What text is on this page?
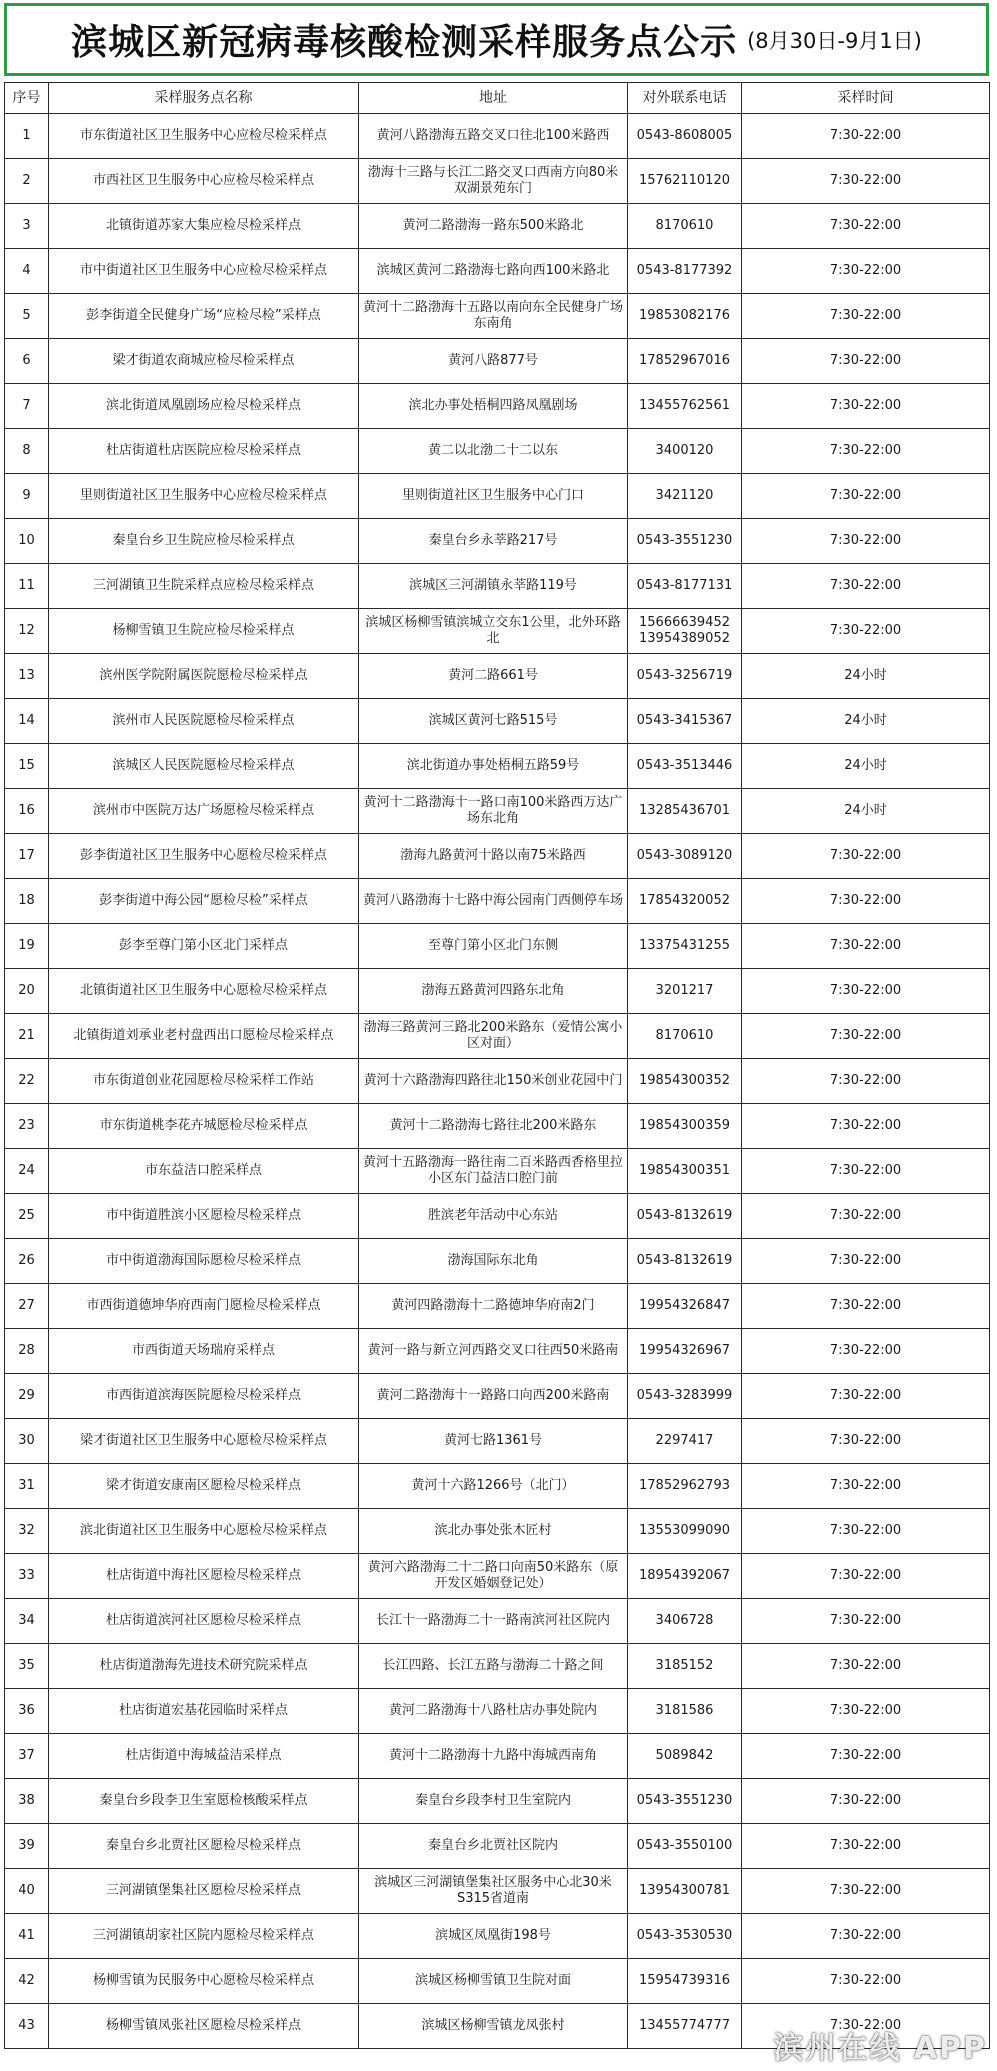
滨城区新冠病毒核酸检测采样服务点公示 (8月30日-9月1日)
序号	采样服务点名称	地址	对外联系电话	采样时间
1	市东街道社区卫生服务中心应检尽检采样点	黄河八路渤海五路交叉口往北100米路西	0543-8608005	7:30-22:00
2	市西社区卫生服务中心应检尽检采样点	渤海十三路与长江二路交叉口西南方向80米双湖景苑东门	15762110120	7:30-22:00
3	北镇街道苏家大集应检尽检采样点	黄河二路渤海一路东500米路北	8170610	7:30-22:00
4	市中街道社区卫生服务中心应检尽检采样点	滨城区黄河二路渤海七路向西100米路北	0543-8177392	7:30-22:00
5	彭李街道全民健身广场“应检尽检”采样点	黄河十二路渤海十五路以南向东全民健身广场东南角	19853082176	7:30-22:00
6	梁才街道农商城应检尽检采样点	黄河八路877号	17852967016	7:30-22:00
7	滨北街道凤凰剧场应检尽检采样点	滨北办事处梧桐四路凤凰剧场	13455762561	7:30-22:00
8	杜店街道杜店医院应检尽检采样点	黄二以北渤二十二以东	3400120	7:30-22:00
9	里则街道社区卫生服务中心应检尽检采样点	里则街道社区卫生服务中心门口	3421120	7:30-22:00
10	秦皇台乡卫生院应检尽检采样点	秦皇台乡永莘路217号	0543-3551230	7:30-22:00
11	三河湖镇卫生院采样点应检尽检采样点	滨城区三河湖镇永莘路119号	0543-8177131	7:30-22:00
12	杨柳雪镇卫生院应检尽检采样点	滨城区杨柳雪镇滨城立交东1公里，北外环路北	15666639452 13954389052	7:30-22:00
13	滨州医学院附属医院愿检尽检采样点	黄河二路661号	0543-3256719	24小时
14	滨州市人民医院愿检尽检采样点	滨城区黄河七路515号	0543-3415367	24小时
15	滨城区人民医院愿检尽检采样点	滨北街道办事处梧桐五路59号	0543-3513446	24小时
16	滨州市中医院万达广场愿检尽检采样点	黄河十二路渤海十一路口南100米路西万达广场东北角	13285436701	24小时
17	彭李街道社区卫生服务中心愿检尽检采样点	渤海九路黄河十路以南75米路西	0543-3089120	7:30-22:00
18	彭李街道中海公园“愿检尽检”采样点	黄河八路渤海十七路中海公园南门西侧停车场	17854320052	7:30-22:00
19	彭李至尊门第小区北门采样点	至尊门第小区北门东侧	13375431255	7:30-22:00
20	北镇街道社区卫生服务中心愿检尽检采样点	渤海五路黄河四路东北角	3201217	7:30-22:00
21	北镇街道刘承业老村盘西出口愿检尽检采样点	渤海三路黄河三路北200米路东（爱情公寓小区对面）	8170610	7:30-22:00
22	市东街道创业花园愿检尽检采样工作站	黄河十六路渤海四路往北150米创业花园中门	19854300352	7:30-22:00
23	市东街道桃李花卉城愿检尽检采样点	黄河十二路渤海七路往北200米路东	19854300359	7:30-22:00
24	市东益洁口腔采样点	黄河十五路渤海一路往南二百米路西香格里拉小区东门益洁口腔门前	19854300351	7:30-22:00
25	市中街道胜滨小区愿检尽检采样点	胜滨老年活动中心东站	0543-8132619	7:30-22:00
26	市中街道渤海国际愿检尽检采样点	渤海国际东北角	0543-8132619	7:30-22:00
27	市西街道德坤华府西南门愿检尽检采样点	黄河四路渤海十二路德坤华府南2门	19954326847	7:30-22:00
28	市西街道天场瑞府采样点	黄河一路与新立河西路交叉口往西50米路南	19954326967	7:30-22:00
29	市西街道滨海医院愿检尽检采样点	黄河二路渤海十一路路口向西200米路南	0543-3283999	7:30-22:00
30	梁才街道社区卫生服务中心愿检尽检采样点	黄河七路1361号	2297417	7:30-22:00
31	梁才街道安康南区愿检尽检采样点	黄河十六路1266号（北门）	17852962793	7:30-22:00
32	滨北街道社区卫生服务中心愿检尽检采样点	滨北办事处张木匠村	13553099090	7:30-22:00
33	杜店街道中海社区愿检尽检采样点	黄河六路渤海二十二路口向南50米路东（原开发区婚姻登记处）	18954392067	7:30-22:00
34	杜店街道滨河社区愿检尽检采样点	长江十一路渤海二十一路南滨河社区院内	3406728	7:30-22:00
35	杜店街道渤海先进技术研究院采样点	长江四路、长江五路与渤海二十路之间	3185152	7:30-22:00
36	杜店街道宏基花园临时采样点	黄河二路渤海十八路杜店办事处院内	3181586	7:30-22:00
37	杜店街道中海城益洁采样点	黄河十二路渤海十九路中海城西南角	5089842	7:30-22:00
38	秦皇台乡段李卫生室愿检核酸采样点	秦皇台乡段李村卫生室院内	0543-3551230	7:30-22:00
39	秦皇台乡北贾社区愿检尽检采样点	秦皇台乡北贾社区院内	0543-3550100	7:30-22:00
40	三河湖镇堡集社区愿检尽检采样点	滨城区三河湖镇堡集社区服务中心北30米S315省道南	13954300781	7:30-22:00
41	三河湖镇胡家社区院内愿检尽检采样点	滨城区凤凰街198号	0543-3530530	7:30-22:00
42	杨柳雪镇为民服务中心愿检尽检采样点	滨城区杨柳雪镇卫生院对面	15954739316	7:30-22:00
43	杨柳雪镇凤张社区愿检尽检采样点	滨城区杨柳雪镇龙凤张村	13455774777	7:30-22:00
滨州在线 APP
